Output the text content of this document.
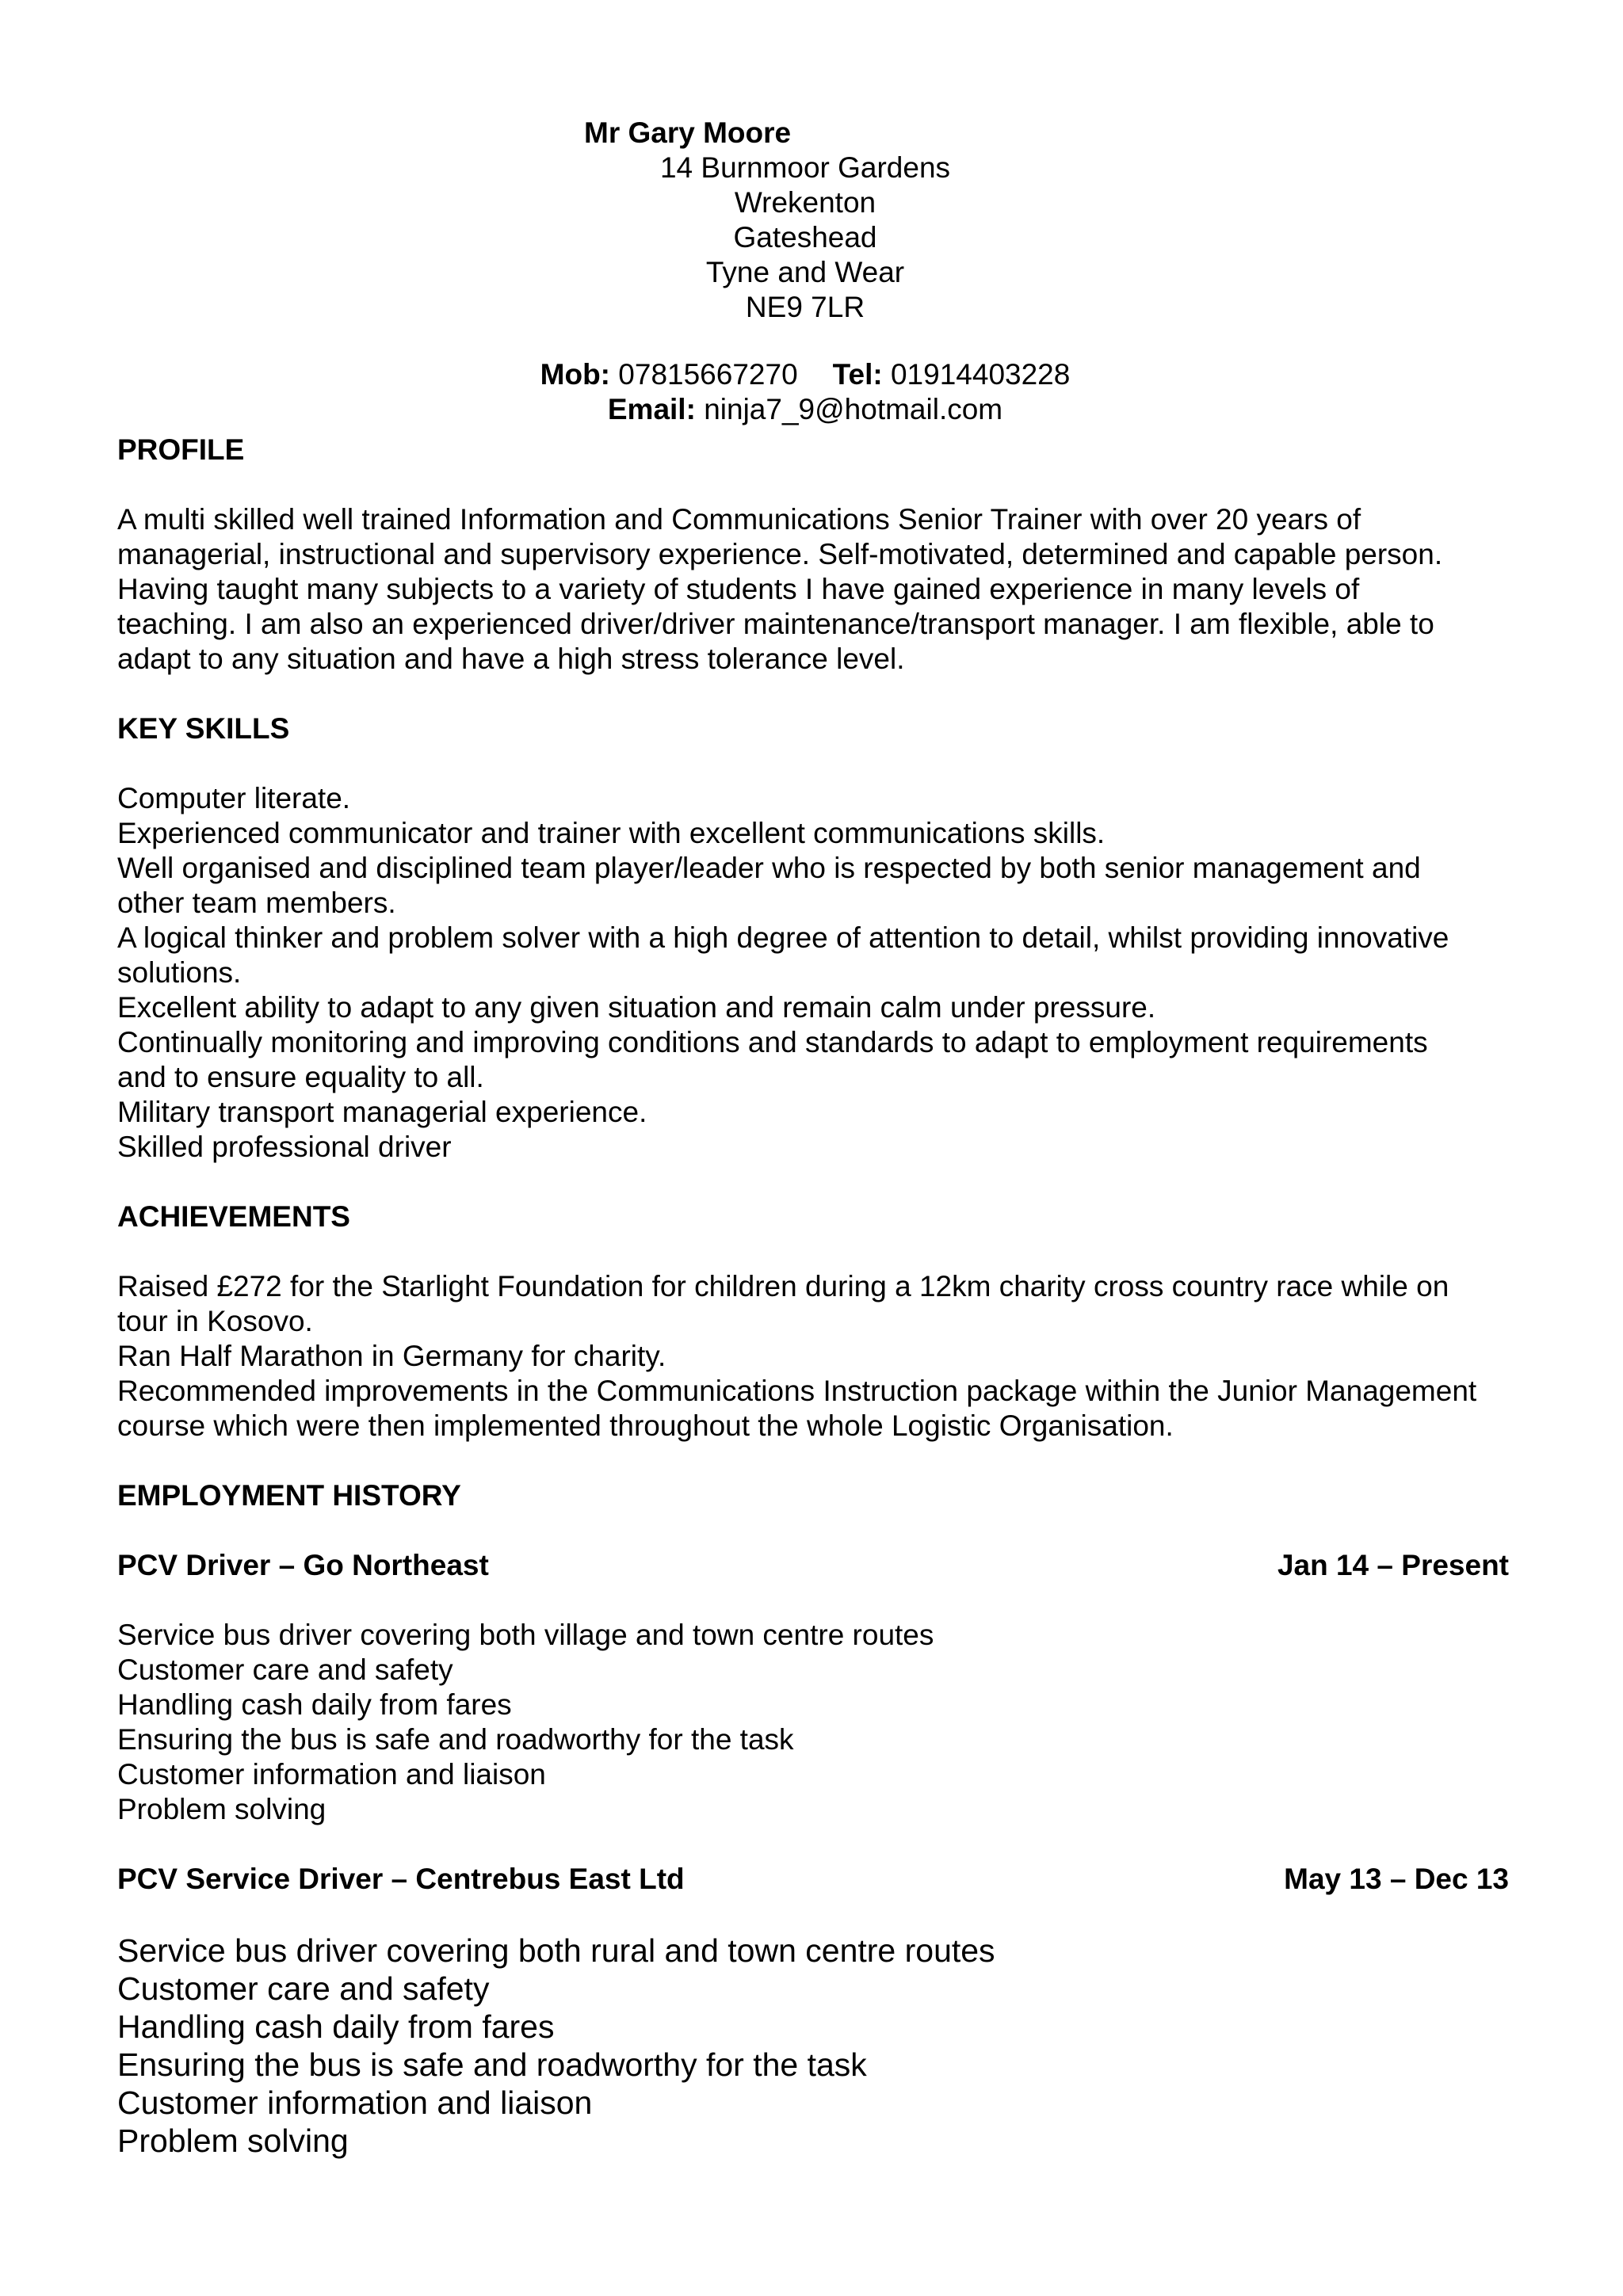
Mr Gary Moore
14 Burnmoor Gardens
Wrekenton
Gateshead
Tyne and Wear
NE9 7LR
Mob: 07815667270 Tel: 01914403228
Email: ninja7_9@hotmail.com
PROFILE
A multi skilled well trained Information and Communications Senior Trainer with over 20 years of
managerial, instructional and supervisory experience. Self-motivated, determined and capable person.
Having taught many subjects to a variety of students I have gained experience in many levels of
teaching. I am also an experienced driver/driver maintenance/transport manager. I am flexible, able to
adapt to any situation and have a high stress tolerance level.
KEY SKILLS
Computer literate.
Experienced communicator and trainer with excellent communications skills.
Well organised and disciplined team player/leader who is respected by both senior management and
other team members.
A logical thinker and problem solver with a high degree of attention to detail, whilst providing innovative
solutions.
Excellent ability to adapt to any given situation and remain calm under pressure.
Continually monitoring and improving conditions and standards to adapt to employment requirements
and to ensure equality to all.
Military transport managerial experience.
Skilled professional driver
ACHIEVEMENTS
Raised £272 for the Starlight Foundation for children during a 12km charity cross country race while on
tour in Kosovo.
Ran Half Marathon in Germany for charity.
Recommended improvements in the Communications Instruction package within the Junior Management
course which were then implemented throughout the whole Logistic Organisation.
EMPLOYMENT HISTORY
PCV Driver – Go Northeast	Jan 14 – Present
Service bus driver covering both village and town centre routes
Customer care and safety
Handling cash daily from fares
Ensuring the bus is safe and roadworthy for the task
Customer information and liaison
Problem solving
PCV Service Driver – Centrebus East Ltd	May 13 – Dec 13
Service bus driver covering both rural and town centre routes
Customer care and safety
Handling cash daily from fares
Ensuring the bus is safe and roadworthy for the task
Customer information and liaison
Problem solving
